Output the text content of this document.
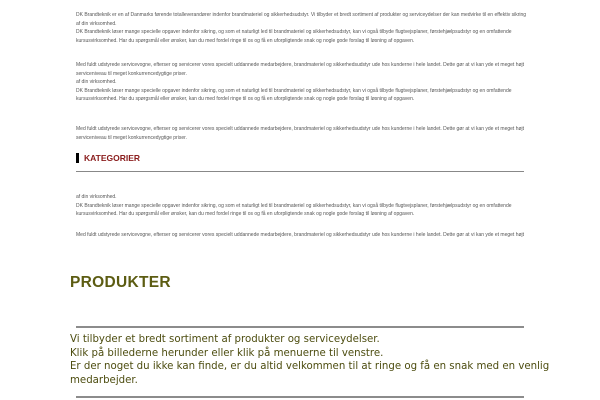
DK Brandteknik er en af Danmarks førende totalleverandører indenfor brandmateriel og sikkerhedsudstyr. Vi tilbyder et bredt sortiment af produkter og serviceydelser der kan medvirke til en effektiv sikring
af din virksomhed.
DK Brandteknik løser mange specielle opgaver indenfor sikring, og som et naturligt led til brandmateriel og sikkerhedsudstyr, kan vi også tilbyde flugtvejsplaner, førstehjælpsudstyr og en omfattende
kursusvirksomhed. Har du spørgsmål eller ønsker, kan du med fordel ringe til os og få en uforpligtende snak og nogle gode forslag til løsning af opgaven.
Med fuldt udstyrede servicevogne, efterser og servicerer vores specielt uddannede medarbejdere, brandmateriel og sikkerhedsudstyr ude hos kunderne i hele landet. Dette gør at vi kan yde et meget højt
serviceniveau til meget konkurrencedygtige priser.
af din virksomhed.
DK Brandteknik løser mange specielle opgaver indenfor sikring, og som et naturligt led til brandmateriel og sikkerhedsudstyr, kan vi også tilbyde flugtvejsplaner, førstehjælpsudstyr og en omfattende
kursusvirksomhed. Har du spørgsmål eller ønsker, kan du med fordel ringe til os og få en uforpligtende snak og nogle gode forslag til løsning af opgaven.
Med fuldt udstyrede servicevogne, efterser og servicerer vores specielt uddannede medarbejdere, brandmateriel og sikkerhedsudstyr ude hos kunderne i hele landet. Dette gør at vi kan yde et meget højt
serviceniveau til meget konkurrencedygtige priser.
KATEGORIER
af din virksomhed.
DK Brandteknik løser mange specielle opgaver indenfor sikring, og som et naturligt led til brandmateriel og sikkerhedsudstyr, kan vi også tilbyde flugtvejsplaner, førstehjælpsudstyr og en omfattende
kursusvirksomhed. Har du spørgsmål eller ønsker, kan du med fordel ringe til os og få en uforpligtende snak og nogle gode forslag til løsning af opgaven.
Med fuldt udstyrede servicevogne, efterser og servicerer vores specielt uddannede medarbejdere, brandmateriel og sikkerhedsudstyr ude hos kunderne i hele landet. Dette gør at vi kan yde et meget højt
PRODUKTER
Vi tilbyder et bredt sortiment af produkter og serviceydelser.
Klik på billederne herunder eller klik på menuerne til venstre.
Er der noget du ikke kan finde, er du altid velkommen til at ringe og få en snak med en venlig
medarbejder.
